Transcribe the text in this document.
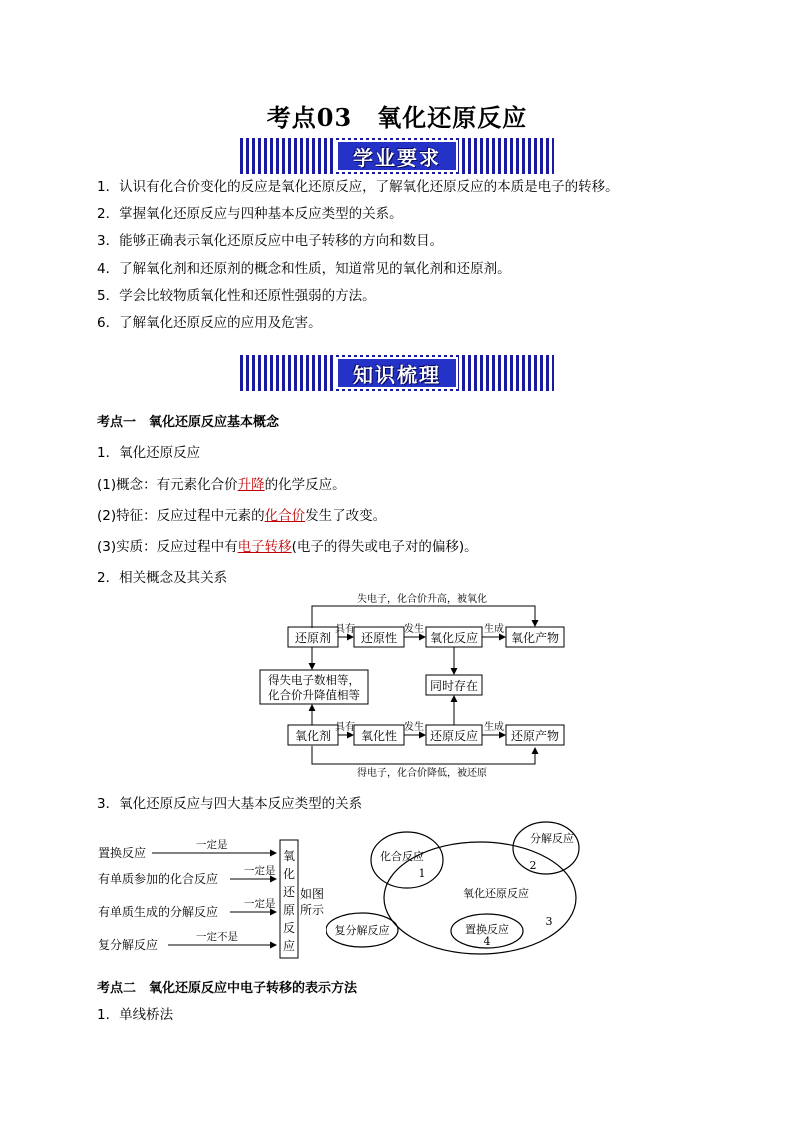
考点03　氧化还原反应
学业要求
1．认识有化合价变化的反应是氧化还原反应，了解氧化还原反应的本质是电子的转移。
2．掌握氧化还原反应与四种基本反应类型的关系。
3．能够正确表示氧化还原反应中电子转移的方向和数目。
4．了解氧化剂和还原剂的概念和性质，知道常见的氧化剂和还原剂。
5．学会比较物质氧化性和还原性强弱的方法。
6．了解氧化还原反应的应用及危害。
知识梳理
考点一　氧化还原反应基本概念
1．氧化还原反应
(1)概念：有元素化合价升降的化学反应。
(2)特征：反应过程中元素的化合价发生了改变。
(3)实质：反应过程中有电子转移(电子的得失或电子对的偏移)。
2．相关概念及其关系
失电子，化合价升高，被氧化
得电子，化合价降低，被还原
还原剂 还原性	氧化反应	氧化产物
氧化剂 氧化性	还原反应	还原产物
得失电子数相等，
化合价升降值相等
同时存在
具有	发生	生成
具有	发生	生成
3．氧化还原反应与四大基本反应类型的关系
置换反应
有单质参加的化合反应
有单质生成的分解反应
复分解反应
一定是
一定是
一定是
一定不是
氧
化
还
原
反
应
如图
所示
化合反应
1
分解反应
2
氧化还原反应
3
置换反应
4
复分解反应
考点二　氧化还原反应中电子转移的表示方法
1．单线桥法
